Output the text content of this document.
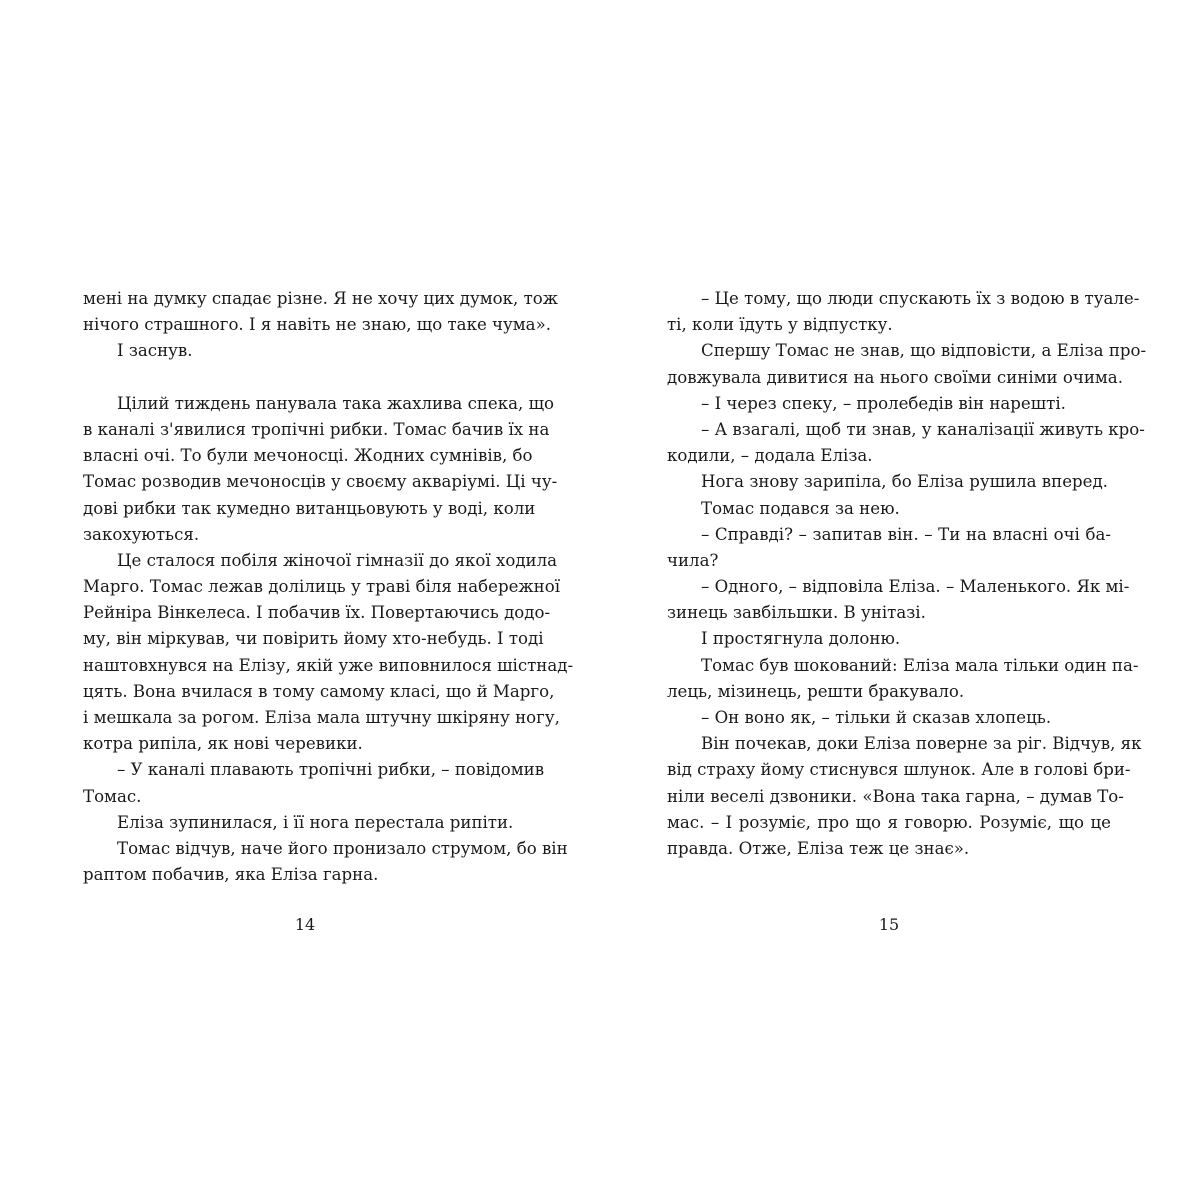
мені на думку спадає різне. Я не хочу цих думок, тож
нічого страшного. І я навіть не знаю, що таке чума».
І заснув.
Цілий тиждень панувала така жахлива спека, що
в каналі з'явилися тропічні рибки. Томас бачив їх на
власні очі. То були мечоносці. Жодних сумнівів, бо
Томас розводив мечоносців у своєму акваріумі. Ці чу-
дові рибки так кумедно витанцьовують у воді, коли
закохуються.
Це сталося побіля жіночої гімназії до якої ходила
Марго. Томас лежав долілиць у траві біля набережної
Рейніра Вінкелеса. І побачив їх. Повертаючись додо-
му, він міркував, чи повірить йому хто-небудь. І тоді
наштовхнувся на Елізу, якій уже виповнилося шістнад-
цять. Вона вчилася в тому самому класі, що й Марго,
і мешкала за рогом. Еліза мала штучну шкіряну ногу,
котра рипіла, як нові черевики.
– У каналі плавають тропічні рибки, – повідомив
Томас.
Еліза зупинилася, і її нога перестала рипіти.
Томас відчув, наче його пронизало струмом, бо він
раптом побачив, яка Еліза гарна.
14
– Це тому, що люди спускають їх з водою в туале-
ті, коли їдуть у відпустку.
Спершу Томас не знав, що відповісти, а Еліза про-
довжувала дивитися на нього своїми синіми очима.
– І через спеку, – пролебедів він нарешті.
– А взагалі, щоб ти знав, у каналізації живуть кро-
кодили, – додала Еліза.
Нога знову зарипіла, бо Еліза рушила вперед.
Томас подався за нею.
– Справді? – запитав він. – Ти на власні очі ба-
чила?
– Одного, – відповіла Еліза. – Маленького. Як мі-
зинець завбільшки. В унітазі.
І простягнула долоню.
Томас був шокований: Еліза мала тільки один па-
лець, мізинець, решти бракувало.
– Он воно як, – тільки й сказав хлопець.
Він почекав, доки Еліза поверне за ріг. Відчув, як
від страху йому стиснувся шлунок. Але в голові бри-
ніли веселі дзвоники. «Вона така гарна, – думав То-
мас. – І розуміє, про що я говорю. Розуміє, що це
правда. Отже, Еліза теж це знає».
15
